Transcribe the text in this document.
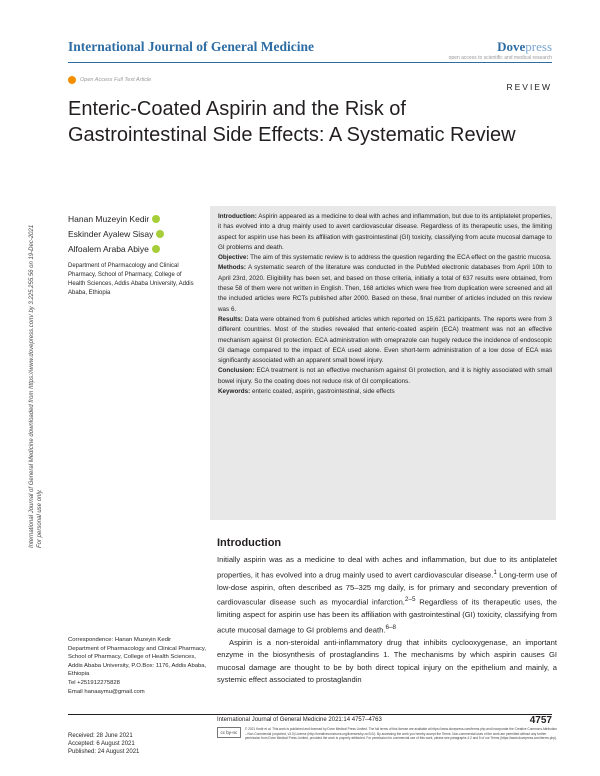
International Journal of General Medicine	Dovepress
open access to scientific and medical research
Open Access Full Text Article
REVIEW
Enteric-Coated Aspirin and the Risk of
Gastrointestinal Side Effects: A Systematic Review
International Journal of General Medicine downloaded from https://www.dovepress.com/ by 3.225.255.56 on 19-Dec-2021 For personal use only.
Hanan Muzeyin Kedir
Eskinder Ayalew Sisay
Alfoalem Araba Abiye
Department of Pharmacology and Clinical Pharmacy, School of Pharmacy, College of Health Sciences, Addis Ababa University, Addis Ababa, Ethiopia

Introduction: Aspirin appeared as a medicine to deal with aches and inflammation, but due to its antiplatelet properties, it has evolved into a drug mainly used to avert cardiovascular disease. Regardless of its therapeutic uses, the limiting aspect for aspirin use has been its affiliation with gastrointestinal (GI) toxicity, classifying from acute mucosal damage to GI problems and death.

Objective: The aim of this systematic review is to address the question regarding the ECA effect on the gastric mucosa.

Methods: A systematic search of the literature was conducted in the PubMed electronic databases from April 10th to April 23rd, 2020. Eligibility has been set, and based on those criteria, initially a total of 637 results were obtained, from these 58 of them were not written in English. Then, 168 articles which were free from duplication were screened and all the included articles were RCTs published after 2000. Based on these, final number of articles included on this review was 6.

Results: Data were obtained from 6 published articles which reported on 15,621 participants. The reports were from 3 different countries. Most of the studies revealed that enteric-coated aspirin (ECA) treatment was not an effective mechanism against GI protection. ECA administration with omeprazole can hugely reduce the incidence of endoscopic GI damage compared to the impact of ECA used alone. Even short-term administration of a low dose of ECA was significantly associated with an apparent small bowel injury.

Conclusion: ECA treatment is not an effective mechanism against GI protection, and it is highly associated with small bowel injury. So the coating does not reduce risk of GI complications.

Keywords: enteric coated, aspirin, gastrointestinal, side effects

Introduction

Initially aspirin was as a medicine to deal with aches and inflammation, but due to its antiplatelet properties, it has evolved into a drug mainly used to avert cardiovascular disease.$^1$ Long-term use of low-dose aspirin, often described as 75–325 mg daily, is for primary and secondary prevention of cardiovascular disease such as myocardial infarction.$^{2-5}$ Regardless of its therapeutic uses, the limiting aspect for aspirin use has been its affiliation with gastrointestinal (GI) toxicity, classifying from acute mucosal damage to GI problems and death.$^{6-8}$

Aspirin is a non-steroidal anti-inflammatory drug that inhibits cyclooxygenase, an important enzyme in the biosynthesis of prostaglandins 1. The mechanisms by which aspirin causes GI mucosal damage are thought to be by both direct topical injury on the epithelium and mainly, a systemic effect associated to prostaglandin

Correspondence: Hanan Muzeyin Kedir
Department of Pharmacology and Clinical Pharmacy, School of Pharmacy, College of Health Sciences, Addis Ababa University, P.O.Box: 1176, Addis Ababa, Ethiopia
Tel +251912275828
Email hanaaymu@gmail.com
Received: 28 June 2021
Accepted: 6 August 2021
Published: 24 August 2021
International Journal of General Medicine 2021:14 4757–4763	4757
cc by-nc
© 2021 Kedir et al. This work is published and licensed by Dove Medical Press Limited. The full terms of this license are available at https://www.dovepress.com/terms.php and incorporate the Creative Commons Attribution – Non Commercial (unported, v3.0) License (http://creativecommons.org/licenses/by-nc/3.0/). By accessing the work you hereby accept the Terms. Non-commercial uses of the work are permitted without any further permission from Dove Medical Press Limited, provided the work is properly attributed. For permission for commercial use of this work, please see paragraphs 4.2 and 5 of our Terms (https://www.dovepress.com/terms.php).
